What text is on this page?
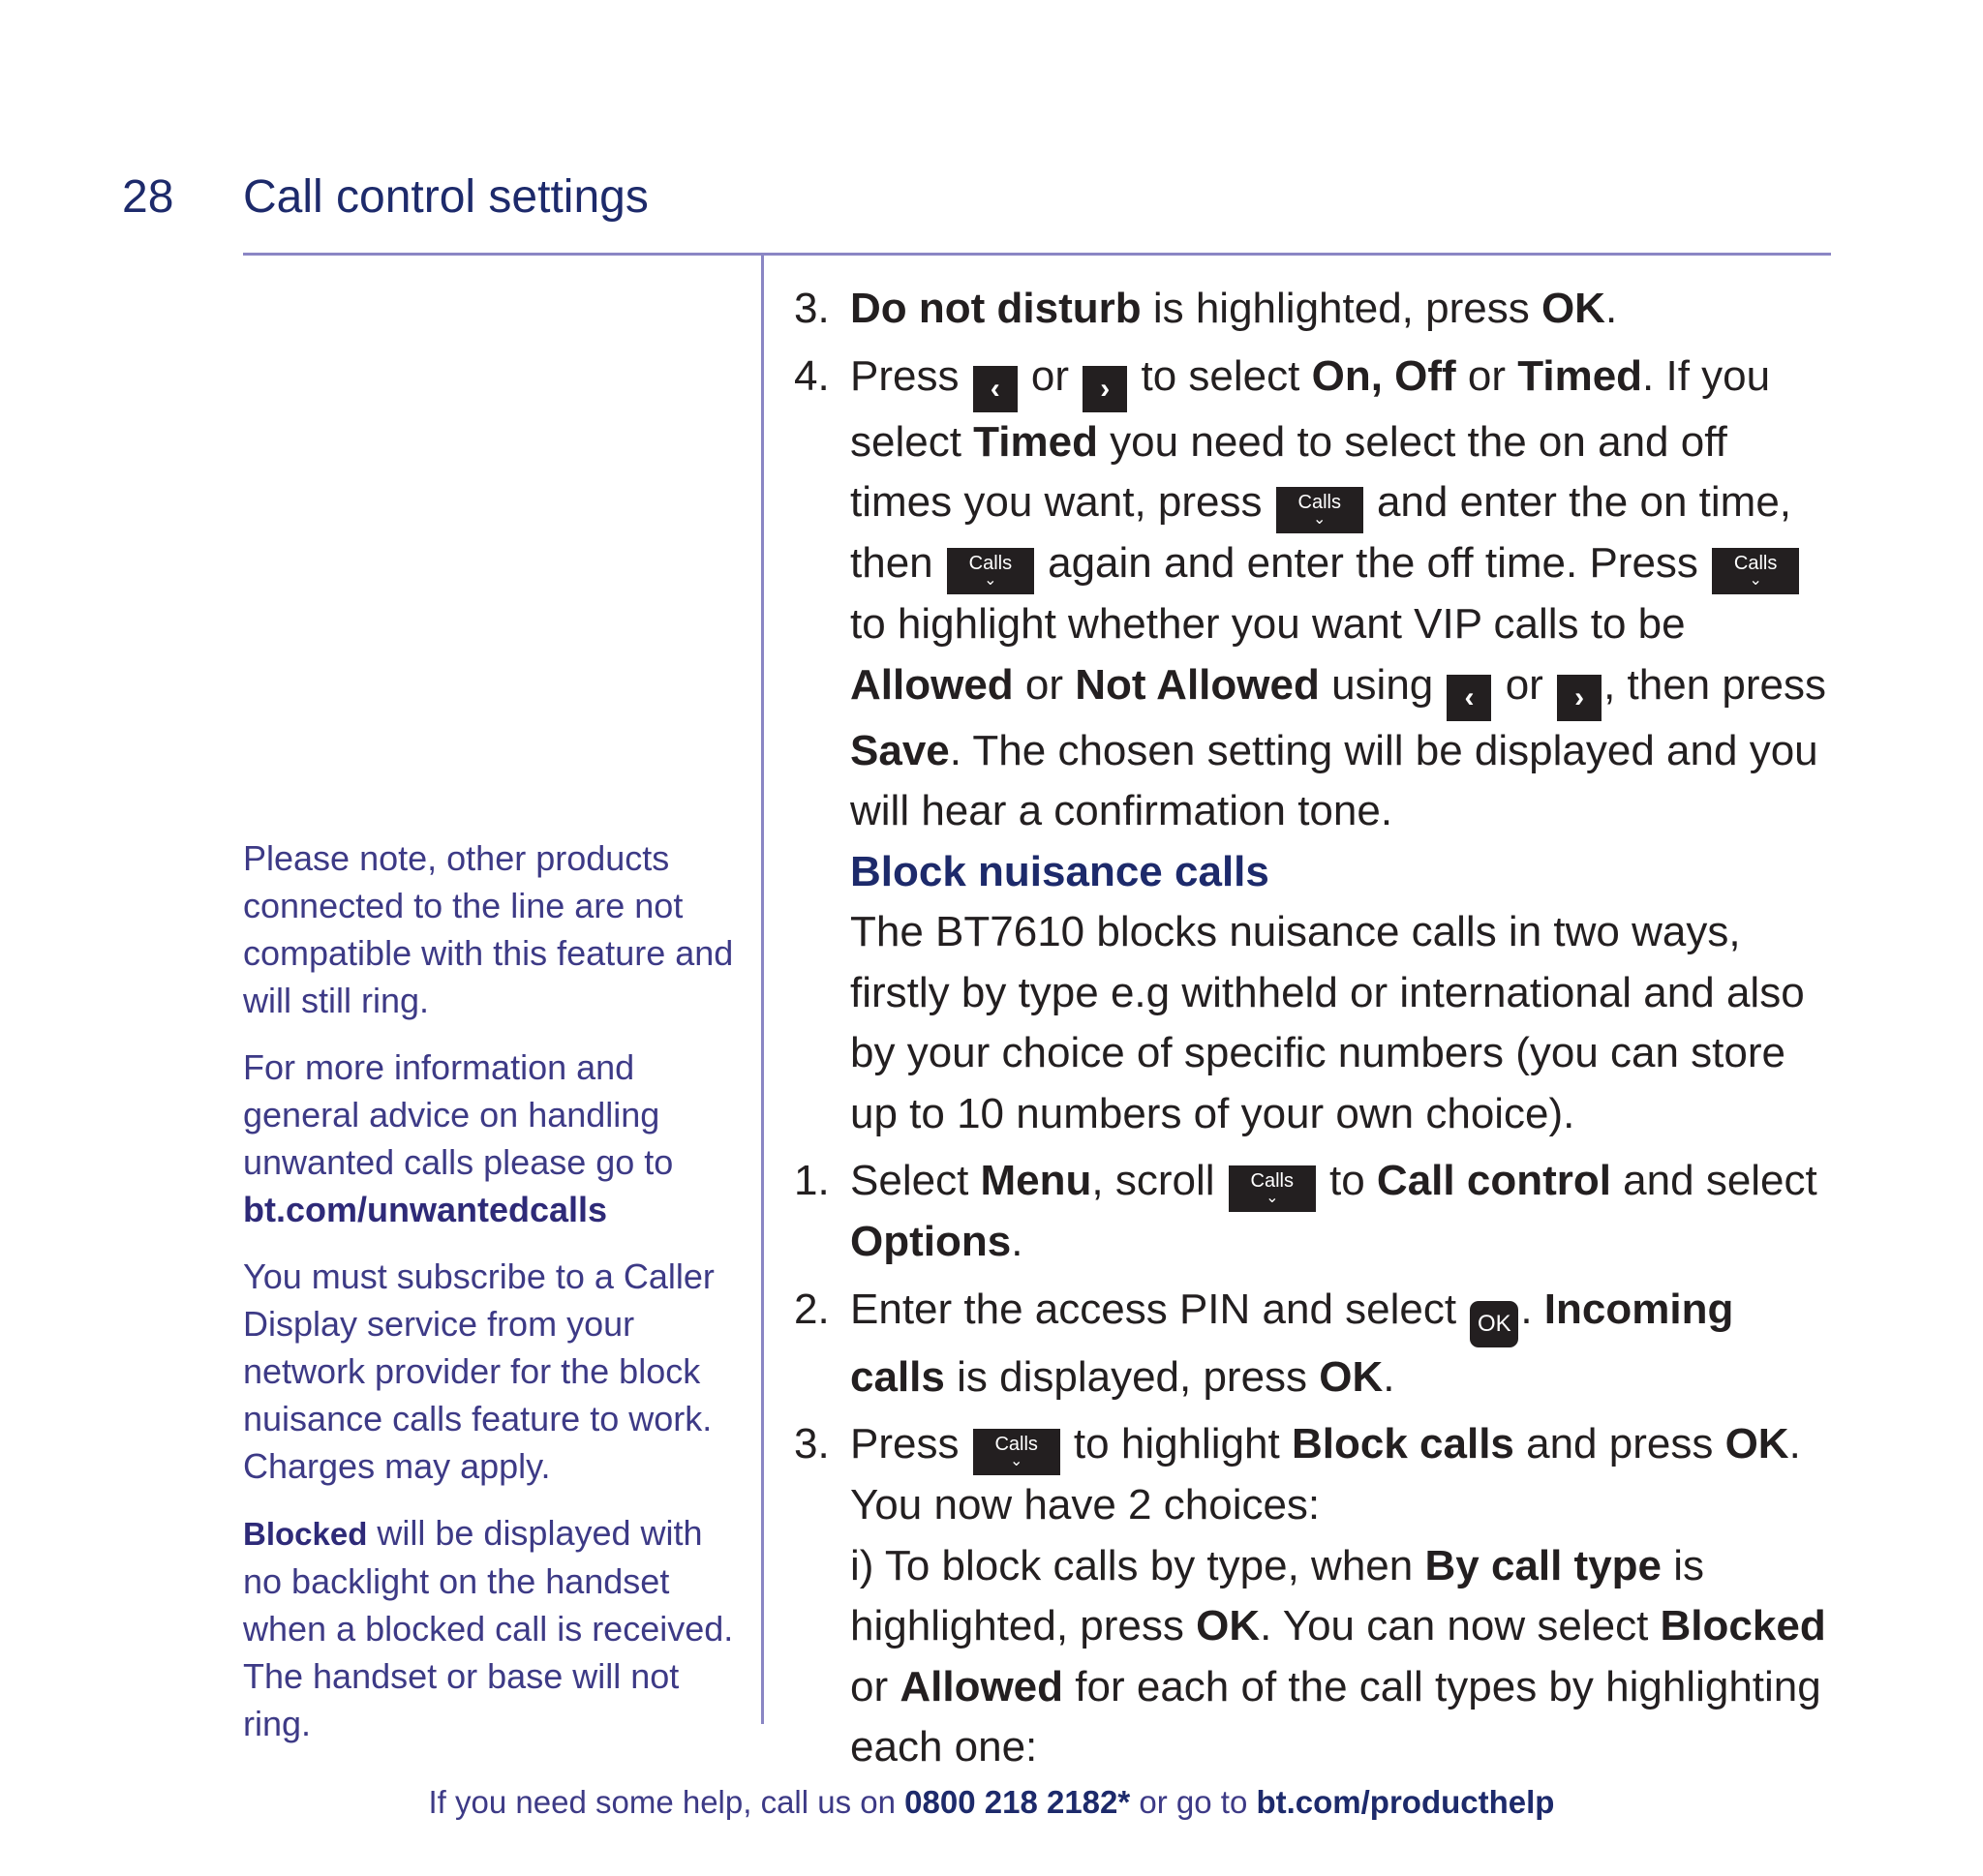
28 Call control settings

Please note, other products connected to the line are not compatible with this feature and will still ring.

For more information and general advice on handling unwanted calls please go to bt.com/unwantedcalls

You must subscribe to a Caller Display service from your network provider for the block nuisance calls feature to work. Charges may apply.

Blocked will be displayed with no backlight on the handset when a blocked call is received. The handset or base will not ring.

3. Do not disturb is highlighted, press OK.

4. Press ‹ or › to select On, Off or Timed. If you select Timed you need to select the on and off times you want, press	Calls
⌄ and enter the on time, then	Calls
⌄ again and enter the off time. Press	Calls
⌄
to highlight whether you want VIP calls to be Allowed or Not Allowed using ‹ or › , then press Save. The chosen setting will be displayed and you will hear a confirmation tone.

Block nuisance calls

The BT7610 blocks nuisance calls in two ways, firstly by type e.g withheld or international and also by your choice of specific numbers (you can store up to 10 numbers of your own choice).

1. Select Menu, scroll	Calls
⌄ to Call control and select Options.

2. Enter the access PIN and select OK . Incoming calls is displayed, press OK.

3. Press	Calls
⌄ to highlight Block calls and press OK.
You now have 2 choices:
i) To block calls by type, when By call type is highlighted, press OK. You can now select Blocked or Allowed for each of the call types by highlighting each one:

If you need some help, call us on 0800 218 2182* or go to bt.com/producthelp
